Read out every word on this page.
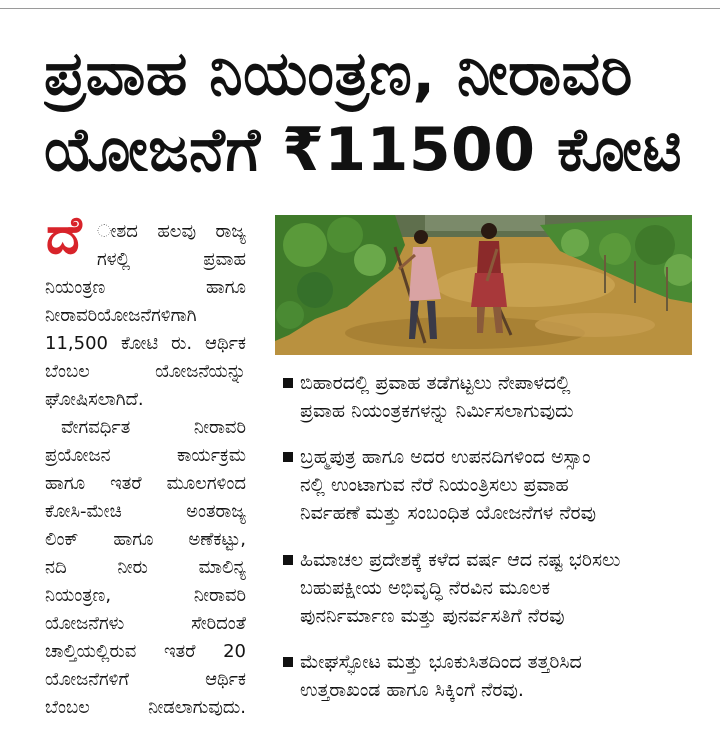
ಪ್ರವಾಹ ನಿಯಂತ್ರಣ, ನೀರಾವರಿ
ಯೋಜನೆಗೆ ₹11500 ಕೋಟಿ
ದೆ ೕಶದ ಹಲವು ರಾಜ್ಯ
ಗಳಲ್ಲಿ ಪ್ರವಾಹ
ನಿಯಂತ್ರಣ ಹಾಗೂ
ನೀರಾವರಿಯೋಜನೆಗಳಿಗಾಗಿ
11,500 ಕೋಟಿ ರು. ಆರ್ಥಿಕ
ಬೆಂಬಲ ಯೋಜನೆಯನ್ನು
ಘೋಷಿಸಲಾಗಿದೆ.
ವೇಗವರ್ಧಿತ ನೀರಾವರಿ
ಪ್ರಯೋಜನ ಕಾರ್ಯಕ್ರಮ
ಹಾಗೂ ಇತರೆ ಮೂಲಗಳಿಂದ
ಕೋಸಿ-ಮೇಚಿ ಅಂತರಾಜ್ಯ
ಲಿಂಕ್ ಹಾಗೂ ಅಣೆಕಟ್ಟು,
ನದಿ ನೀರು ಮಾಲಿನ್ಯ
ನಿಯಂತ್ರಣ, ನೀರಾವರಿ
ಯೋಜನೆಗಳು ಸೇರಿದಂತೆ
ಚಾಲ್ತಿಯಲ್ಲಿರುವ ಇತರೆ 20
ಯೋಜನೆಗಳಿಗೆ ಆರ್ಥಿಕ
ಬೆಂಬಲ ನೀಡಲಾಗುವುದು.
ಬಿಹಾರದಲ್ಲಿ ಪ್ರವಾಹ ತಡೆಗಟ್ಟಲು ನೇಪಾಳದಲ್ಲಿ
ಪ್ರವಾಹ ನಿಯಂತ್ರಕಗಳನ್ನು ನಿರ್ಮಿಸಲಾಗುವುದು
ಬ್ರಹ್ಮಪುತ್ರ ಹಾಗೂ ಅದರ ಉಪನದಿಗಳಿಂದ ಅಸ್ಸಾಂ
ನಲ್ಲಿ ಉಂಟಾಗುವ ನೆರೆ ನಿಯಂತ್ರಿಸಲು ಪ್ರವಾಹ
ನಿರ್ವಹಣೆ ಮತ್ತು ಸಂಬಂಧಿತ ಯೋಜನೆಗಳ ನೆರವು
ಹಿಮಾಚಲ ಪ್ರದೇಶಕ್ಕೆ ಕಳೆದ ವರ್ಷ ಆದ ನಷ್ಟ ಭರಿಸಲು
ಬಹುಪಕ್ಷೀಯ ಅಭಿವೃದ್ಧಿ ನೆರವಿನ ಮೂಲಕ
ಪುನರ್ನಿರ್ಮಾಣ ಮತ್ತು ಪುನರ್ವಸತಿಗೆ ನೆರವು
ಮೇಘಸ್ಫೋಟ ಮತ್ತು ಭೂಕುಸಿತದಿಂದ ತತ್ತರಿಸಿದ
ಉತ್ತರಾಖಂಡ ಹಾಗೂ ಸಿಕ್ಕಿಂಗೆ ನೆರವು.
